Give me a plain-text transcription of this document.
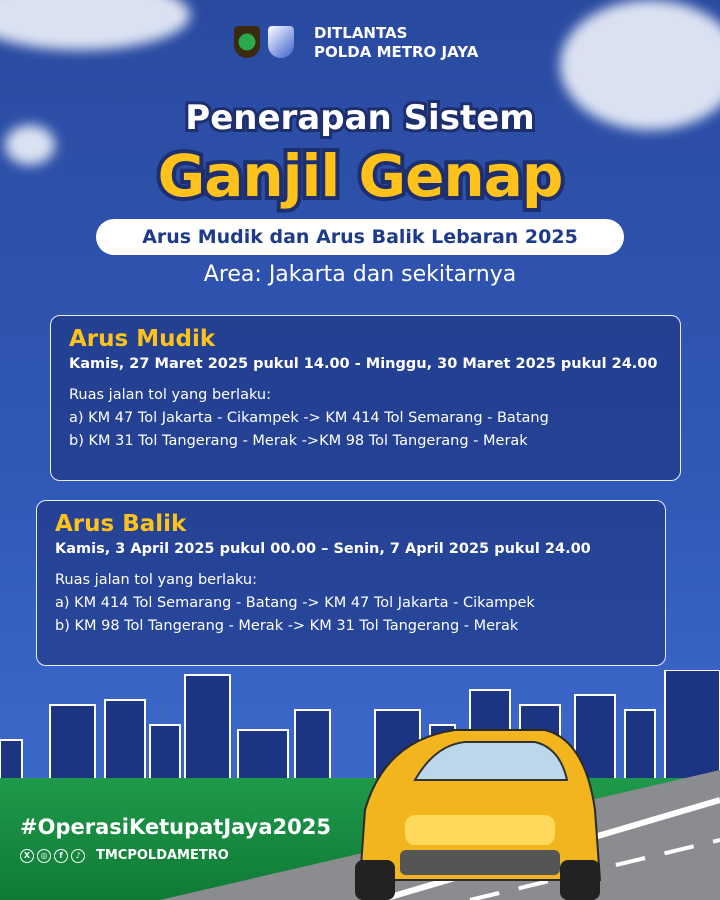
DITLANTAS
POLDA METRO JAYA
Penerapan Sistem
Ganjil Genap
Arus Mudik dan Arus Balik Lebaran 2025
Area: Jakarta dan sekitarnya
Arus Mudik
Kamis, 27 Maret 2025 pukul 14.00 - Minggu, 30 Maret 2025 pukul 24.00

Ruas jalan tol yang berlaku:

a) KM 47 Tol Jakarta - Cikampek -> KM 414 Tol Semarang - Batang

b) KM 31 Tol Tangerang - Merak ->KM 98 Tol Tangerang - Merak

Arus Balik
Kamis, 3 April 2025 pukul 00.00 – Senin, 7 April 2025 pukul 24.00

Ruas jalan tol yang berlaku:

a) KM 414 Tol Semarang - Batang -> KM 47 Tol Jakarta - Cikampek

b) KM 98 Tol Tangerang - Merak -> KM 31 Tol Tangerang - Merak

#OperasiKetupatJaya2025
X	◎	f	♪	TMCPOLDAMETRO
